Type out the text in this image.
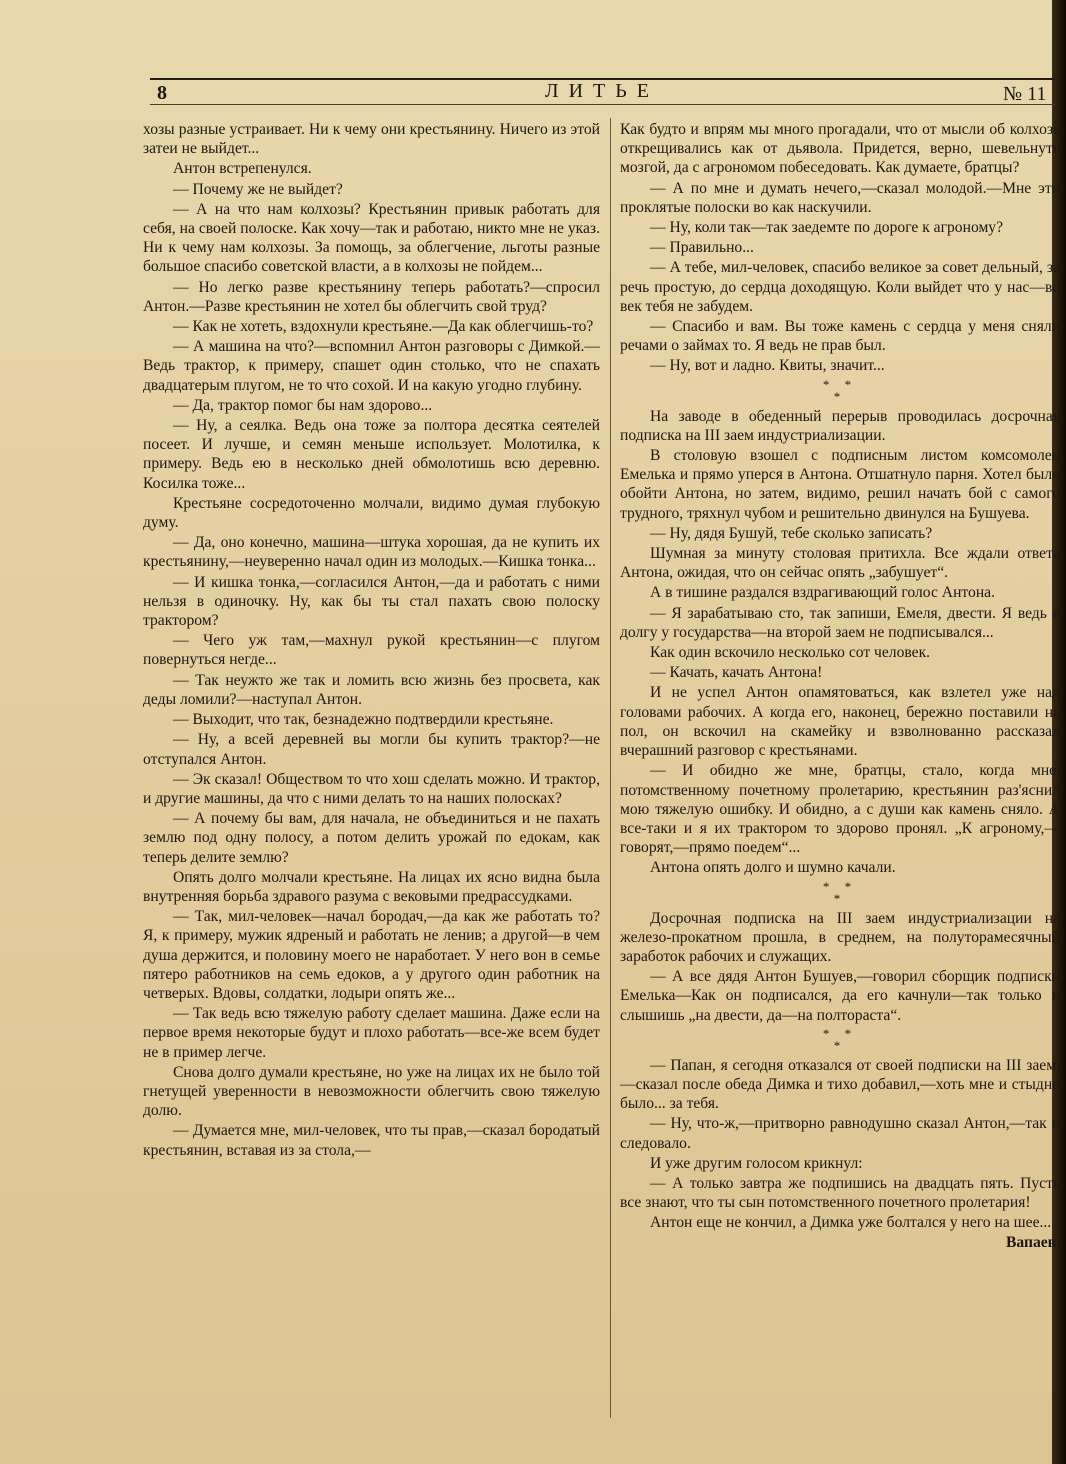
8	ЛИТЬЕ	№ 11

хозы разные устраивает. Ни к чему они крестьянину. Ничего из этой затеи не выйдет...

Антон встрепенулся.

— Почему же не выйдет?

— А на что нам колхозы? Крестьянин привык работать для себя, на своей полоске. Как хочу—так и работаю, никто мне не указ. Ни к чему нам колхозы. За помощь, за облегчение, льготы разные большое спасибо советской власти, а в колхозы не пойдем...

— Но легко разве крестьянину теперь работать?—спросил Антон.—Разве крестьянин не хотел бы облегчить свой труд?

— Как не хотеть, вздохнули крестьяне.—Да как облегчишь-то?

— А машина на что?—вспомнил Антон разговоры с Димкой.—Ведь трактор, к примеру, спашет один столько, что не спахать двадцатерым плугом, не то что сохой. И на какую угодно глубину.

— Да, трактор помог бы нам здорово...

— Ну, а сеялка. Ведь она тоже за полтора десятка сеятелей посеет. И лучше, и семян меньше использует. Молотилка, к примеру. Ведь ею в несколько дней обмолотишь всю деревню. Косилка тоже...

Крестьяне сосредоточенно молчали, видимо думая глубокую думу.

— Да, оно конечно, машина—штука хорошая, да не купить их крестьянину,—неуверенно начал один из молодых.—Кишка тонка...

— И кишка тонка,—согласился Антон,—да и работать с ними нельзя в одиночку. Ну, как бы ты стал пахать свою полоску трактором?

— Чего уж там,—махнул рукой крестьянин—с плугом повернуться негде...

— Так неужто же так и ломить всю жизнь без просвета, как деды ломили?—наступал Антон.

— Выходит, что так, безнадежно подтвердили крестьяне.

— Ну, а всей деревней вы могли бы купить трактор?—не отступался Антон.

— Эк сказал! Обществом то что хош сделать можно. И трактор, и другие машины, да что с ними делать то на наших полосках?

— А почему бы вам, для начала, не объединиться и не пахать землю под одну полосу, а потом делить урожай по едокам, как теперь делите землю?

Опять долго молчали крестьяне. На лицах их ясно видна была внутренняя борьба здравого разума с вековыми предрассудками.

— Так, мил-человек—начал бородач,—да как же работать то? Я, к примеру, мужик ядреный и работать не ленив; а другой—в чем душа держится, и половину моего не наработает. У него вон в семье пятеро работников на семь едоков, а у другого один работник на четверых. Вдовы, солдатки, лодыри опять же...

— Так ведь всю тяжелую работу сделает машина. Даже если на первое время некоторые будут и плохо работать—все-же всем будет не в пример легче.

Снова долго думали крестьяне, но уже на лицах их не было той гнетущей уверенности в невозможности облегчить свою тяжелую долю.

— Думается мне, мил-человек, что ты прав,—сказал бородатый крестьянин, вставая из за стола,—

Как будто и впрям мы много прогадали, что от мысли об колхозе открещивались как от дьявола. Придется, верно, шевельнуть мозгой, да с агрономом побеседовать. Как думаете, братцы?

— А по мне и думать нечего,—сказал молодой.—Мне эти проклятые полоски во как наскучили.

— Ну, коли так—так заедемте по дороге к агроному?

— Правильно...

— А тебе, мил-человек, спасибо великое за совет дельный, за речь простую, до сердца доходящую. Коли выйдет что у нас—во век тебя не забудем.

— Спасибо и вам. Вы тоже камень с сердца у меня сняли речами о займах то. Я ведь не прав был.

— Ну, вот и ладно. Квиты, значит...

* *
*

На заводе в обеденный перерыв проводилась досрочная подписка на III заем индустриализации.

В столовую взошел с подписным листом комсомолец Емелька и прямо уперся в Антона. Отшатнуло парня. Хотел было обойти Антона, но затем, видимо, решил начать бой с самого трудного, тряхнул чубом и решительно двинулся на Бушуева.

— Ну, дядя Бушуй, тебе сколько записать?

Шумная за минуту столовая притихла. Все ждали ответа Антона, ожидая, что он сейчас опять „забушует“.

А в тишине раздался вздрагивающий голос Антона.

— Я зарабатываю сто, так запиши, Емеля, двести. Я ведь в долгу у государства—на второй заем не подписывался...

Как один вскочило несколько сот человек.

— Качать, качать Антона!

И не успел Антон опамятоваться, как взлетел уже над головами рабочих. А когда его, наконец, бережно поставили на пол, он вскочил на скамейку и взволнованно рассказал вчерашний разговор с крестьянами.

— И обидно же мне, братцы, стало, когда мне, потомственному почетному пролетарию, крестьянин раз'яснил мою тяжелую ошибку. И обидно, а с души как камень сняло. А все-таки и я их трактором то здорово пронял. „К агроному,—говорят,—прямо поедем“...

Антона опять долго и шумно качали.

* *
*

Досрочная подписка на III заем индустриализации на железо-прокатном прошла, в среднем, на полуторамесячный заработок рабочих и служащих.

— А все дядя Антон Бушуев,—говорил сборщик подписки Емелька—Как он подписался, да его качнули—так только и слышишь „на двести, да—на полтораста“.

* *
*

— Папан, я сегодня отказался от своей подписки на III заем,—сказал после обеда Димка и тихо добавил,—хоть мне и стыдно было... за тебя.

— Ну, что-ж,—притворно равнодушно сказал Антон,—так и следовало.

И уже другим голосом крикнул:

— А только завтра же подпишись на двадцать пять. Пусть все знают, что ты сын потомственного почетного пролетария!

Антон еще не кончил, а Димка уже болтался у него на шее...
Вапаев.
